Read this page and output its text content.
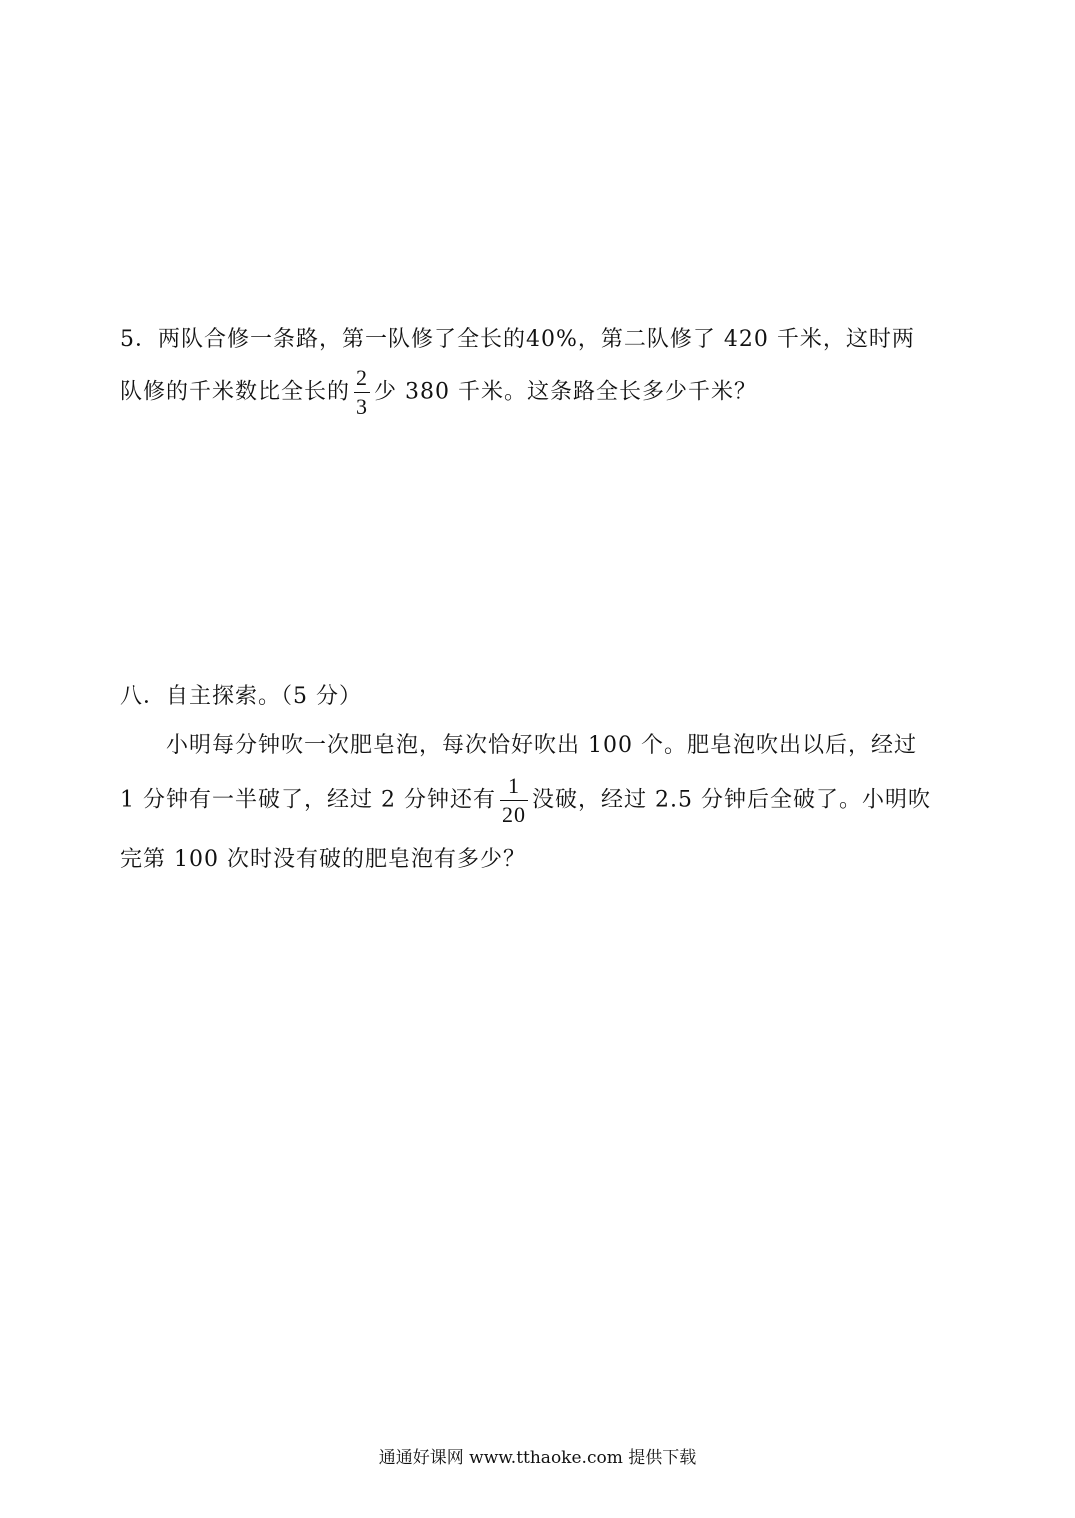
5．两队合修一条路，第一队修了全长的40%，第二队修了 420 千米，这时两
队修的千米数比全长的 $\frac{2}{3}$ 少 380 千米。这条路全长多少千米？
八．自主探索。（5 分）
小明每分钟吹一次肥皂泡，每次恰好吹出 100 个。肥皂泡吹出以后，经过
1 分钟有一半破了，经过 2 分钟还有 $\frac{1}{20}$ 没破，经过 2.5 分钟后全破了。小明吹
完第 100 次时没有破的肥皂泡有多少？
通通好课网 www.tthaoke.com 提供下载
